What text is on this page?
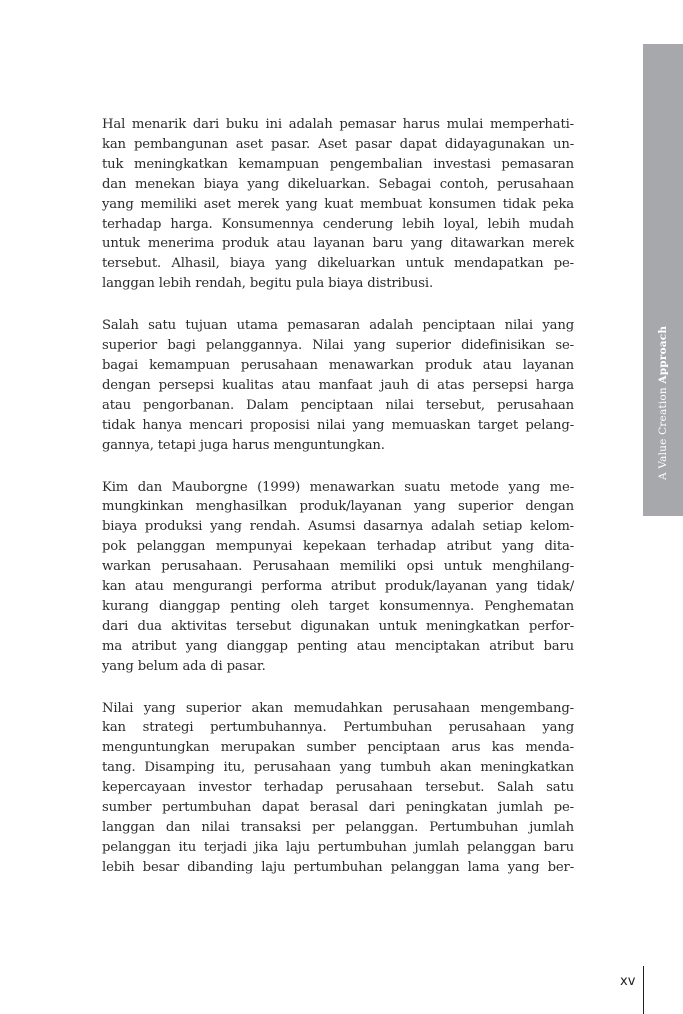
A Value Creation Approach

Hal menarik dari buku ini adalah pemasar harus mulai memperhati-
kan pembangunan aset pasar. Aset pasar dapat didayagunakan un-
tuk meningkatkan kemampuan pengembalian investasi pemasaran
dan menekan biaya yang dikeluarkan. Sebagai contoh, perusahaan
yang memiliki aset merek yang kuat membuat konsumen tidak peka
terhadap harga. Konsumennya cenderung lebih loyal, lebih mudah
untuk menerima produk atau layanan baru yang ditawarkan merek
tersebut. Alhasil, biaya yang dikeluarkan untuk mendapatkan pe-
langgan lebih rendah, begitu pula biaya distribusi.

Salah satu tujuan utama pemasaran adalah penciptaan nilai yang
superior bagi pelanggannya. Nilai yang superior didefinisikan se-
bagai kemampuan perusahaan menawarkan produk atau layanan
dengan persepsi kualitas atau manfaat jauh di atas persepsi harga
atau pengorbanan. Dalam penciptaan nilai tersebut, perusahaan
tidak hanya mencari proposisi nilai yang memuaskan target pelang-
gannya, tetapi juga harus menguntungkan.

Kim dan Mauborgne (1999) menawarkan suatu metode yang me-
mungkinkan menghasilkan produk/layanan yang superior dengan
biaya produksi yang rendah. Asumsi dasarnya adalah setiap kelom-
pok pelanggan mempunyai kepekaan terhadap atribut yang dita-
warkan perusahaan. Perusahaan memiliki opsi untuk menghilang-
kan atau mengurangi performa atribut produk/layanan yang tidak/
kurang dianggap penting oleh target konsumennya. Penghematan
dari dua aktivitas tersebut digunakan untuk meningkatkan perfor-
ma atribut yang dianggap penting atau menciptakan atribut baru
yang belum ada di pasar.

Nilai yang superior akan memudahkan perusahaan mengembang-
kan strategi pertumbuhannya. Pertumbuhan perusahaan yang
menguntungkan merupakan sumber penciptaan arus kas menda-
tang. Disamping itu, perusahaan yang tumbuh akan meningkatkan
kepercayaan investor terhadap perusahaan tersebut. Salah satu
sumber pertumbuhan dapat berasal dari peningkatan jumlah pe-
langgan dan nilai transaksi per pelanggan. Pertumbuhan jumlah
pelanggan itu terjadi jika laju pertumbuhan jumlah pelanggan baru
lebih besar dibanding laju pertumbuhan pelanggan lama yang ber-

xv
